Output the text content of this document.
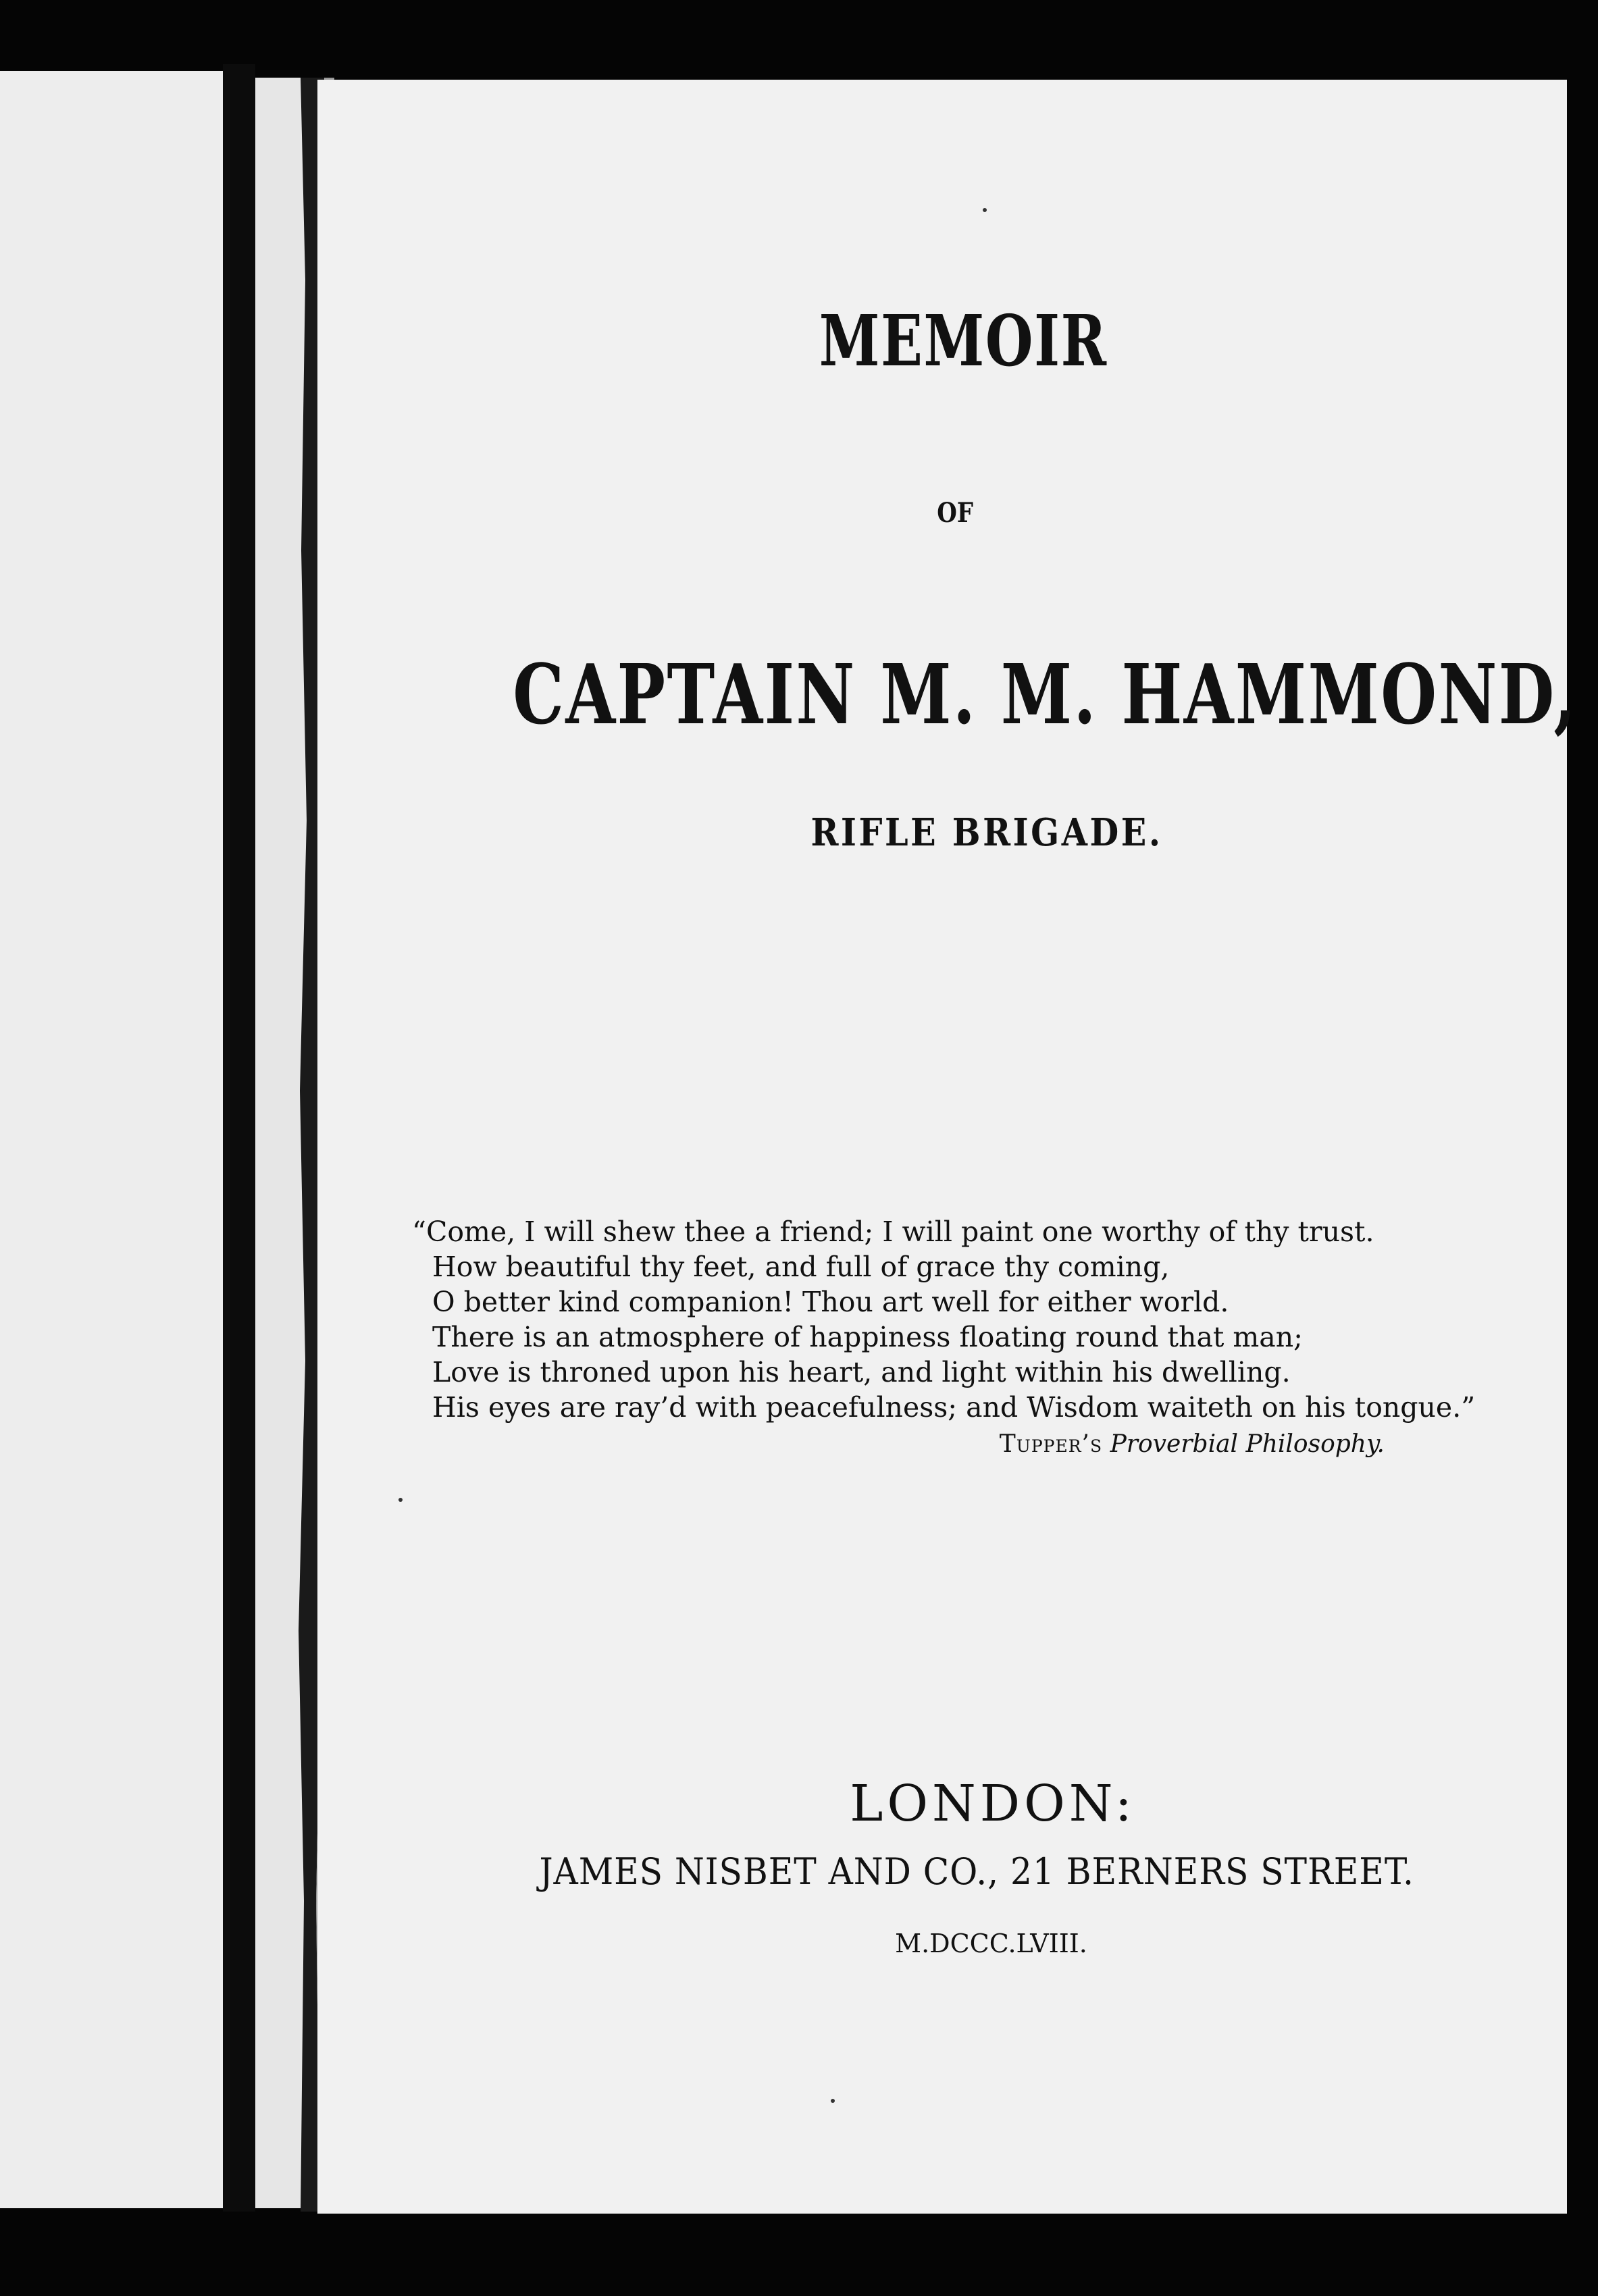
MEMOIR
OF
CAPTAIN M. M. HAMMOND,
RIFLE BRIGADE.
“Come, I will shew thee a friend; I will paint one worthy of thy trust.
How beautiful thy feet, and full of grace thy coming,
O better kind companion! Thou art well for either world.
There is an atmosphere of happiness floating round that man;
Love is throned upon his heart, and light within his dwelling.
His eyes are ray’d with peacefulness; and Wisdom waiteth on his tongue.”
Tupper’s Proverbial Philosophy.
LONDON:
JAMES NISBET AND CO., 21 BERNERS STREET.
M.DCCC.LVIII.
